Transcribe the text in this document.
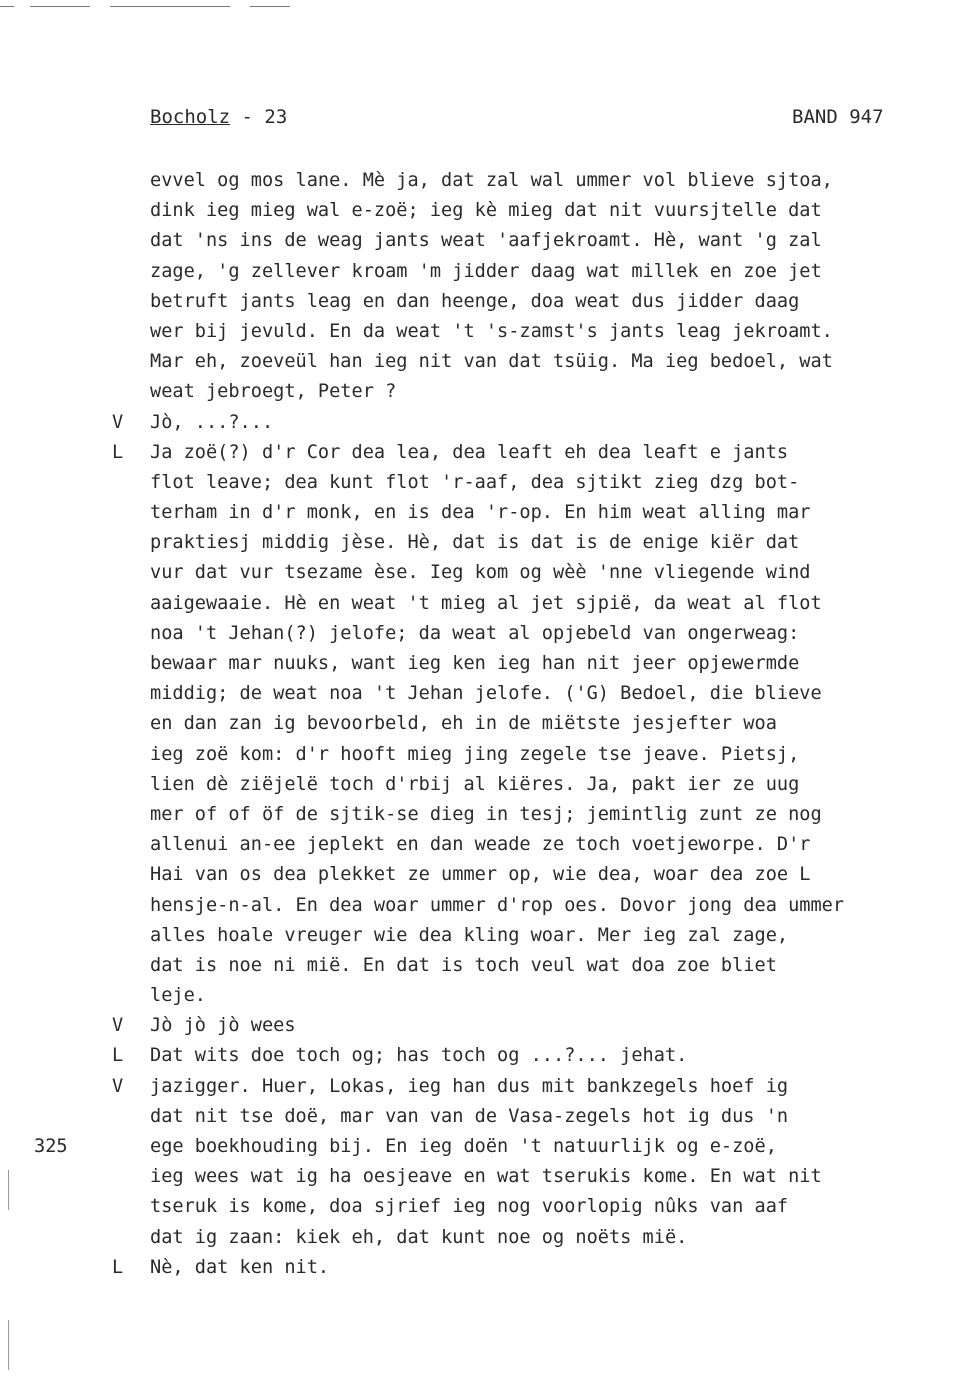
Bocholz - 23	BAND 947
evvel og mos lane. Mè ja, dat zal wal ummer vol blieve sjtoa,
dink ieg mieg wal e-zoë; ieg kè mieg dat nit vuursjtelle dat
dat 'ns ins de weag jants weat 'aafjekroamt. Hè, want 'g zal
zage, 'g zellever kroam 'm jidder daag wat millek en zoe jet
betruft jants leag en dan heenge, doa weat dus jidder daag
wer bij jevuld. En da weat 't 's-zamst's jants leag jekroamt.
Mar eh, zoeveül han ieg nit van dat tsüig. Ma ieg bedoel, wat
weat jebroegt, Peter ?
V Jò, ...?...
L Ja zoë(?) d'r Cor dea lea, dea leaft eh dea leaft e jants
flot leave; dea kunt flot 'r-aaf, dea sjtikt zieg dzg bot-
terham in d'r monk, en is dea 'r-op. En him weat alling mar
praktiesj middig jèse. Hè, dat is dat is de enige kiër dat
vur dat vur tsezame èse. Ieg kom og wèè 'nne vliegende wind
aaigewaaie. Hè en weat 't mieg al jet sjpië, da weat al flot
noa 't Jehan(?) jelofe; da weat al opjebeld van ongerweag:
bewaar mar nuuks, want ieg ken ieg han nit jeer opjewermde
middig; de weat noa 't Jehan jelofe. ('G) Bedoel, die blieve
en dan zan ig bevoorbeld, eh in de miëtste jesjefter woa
ieg zoë kom: d'r hooft mieg jing zegele tse jeave. Pietsj,
lien dè ziëjelë toch d'rbij al kiëres. Ja, pakt ier ze uug
mer of of öf de sjtik-se dieg in tesj; jemintlig zunt ze nog
allenui an-ee jeplekt en dan weade ze toch voetjeworpe. D'r
Hai van os dea plekket ze ummer op, wie dea, woar dea zoe L
hensje-n-al. En dea woar ummer d'rop oes. Dovor jong dea ummer
alles hoale vreuger wie dea kling woar. Mer ieg zal zage,
dat is noe ni mië. En dat is toch veul wat doa zoe bliet
leje.
V Jò jò jò wees
L Dat wits doe toch og; has toch og ...?... jehat.
V jazigger. Huer, Lokas, ieg han dus mit bankzegels hoef ig
dat nit tse doë, mar van van de Vasa-zegels hot ig dus 'n
325	ege boekhouding bij. En ieg doën 't natuurlijk og e-zoë,
ieg wees wat ig ha oesjeave en wat tserukis kome. En wat nit
tseruk is kome, doa sjrief ieg nog voorlopig nûks van aaf
dat ig zaan: kiek eh, dat kunt noe og noëts mië.
L Nè, dat ken nit.
